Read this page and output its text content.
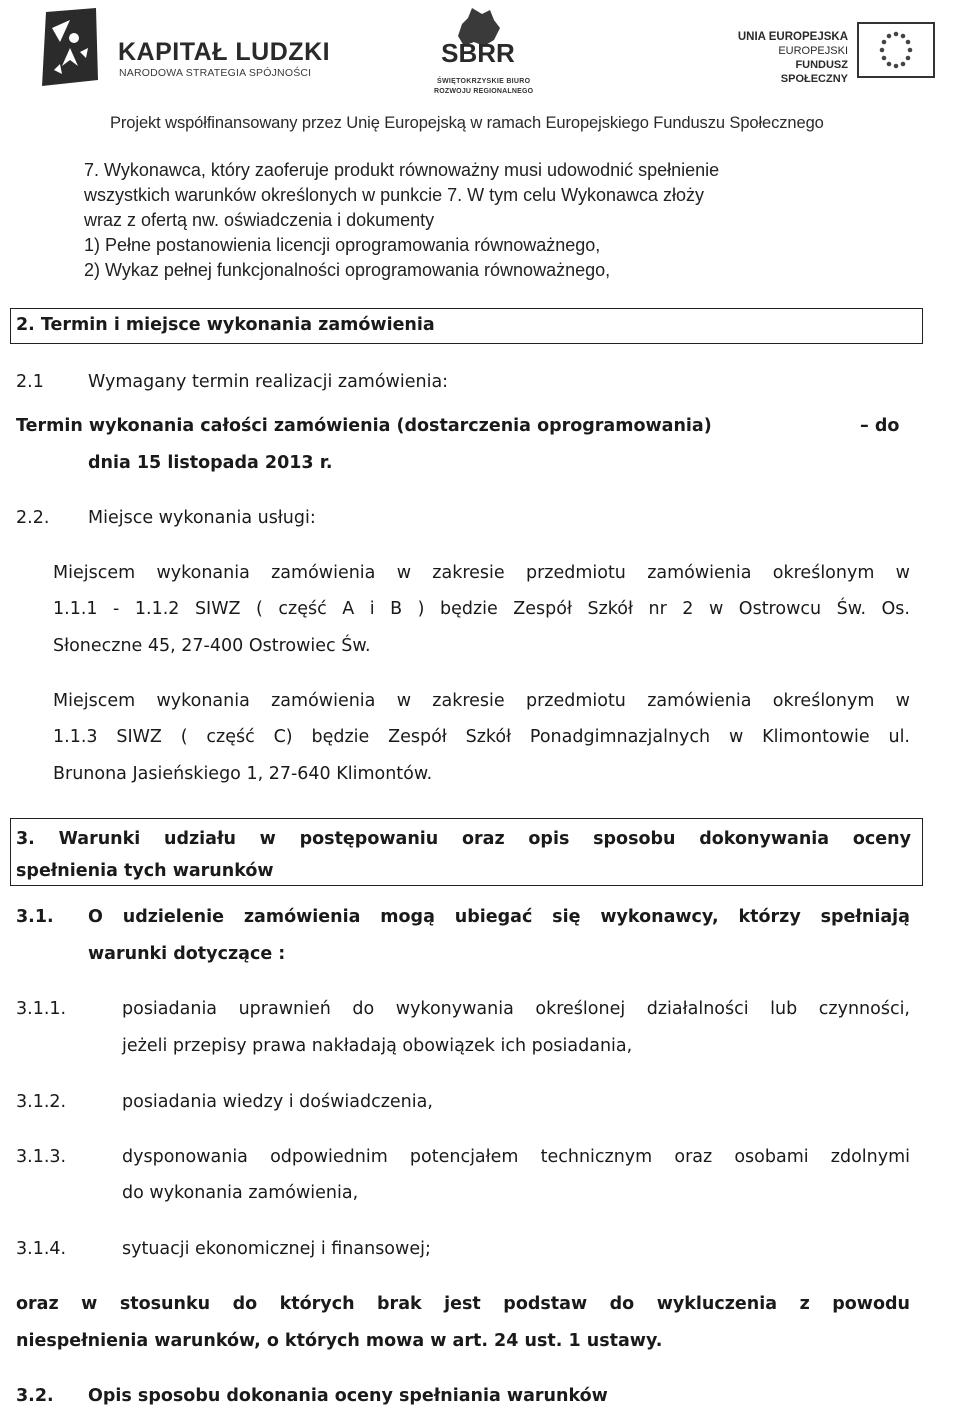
KAPITAŁ LUDZKI
NARODOWA STRATEGIA SPÓJNOŚCI
SBRR
ŚWIĘTOKRZYSKIE BIURO
ROZWOJU REGIONALNEGO
UNIA EUROPEJSKA
EUROPEJSKI
FUNDUSZ SPOŁECZNY
Projekt współfinansowany przez Unię Europejską w ramach Europejskiego Funduszu Społecznego
7. Wykonawca, który zaoferuje produkt równoważny musi udowodnić spełnienie
wszystkich warunków określonych w punkcie 7. W tym celu Wykonawca złoży
wraz z ofertą nw. oświadczenia i dokumenty
1) Pełne postanowienia licencji oprogramowania równoważnego,
2) Wykaz pełnej funkcjonalności oprogramowania równoważnego,
2. Termin i miejsce wykonania zamówienia
2.1	Wymagany termin realizacji zamówienia:
Termin wykonania całości zamówienia (dostarczenia oprogramowania)	– do
dnia 15 listopada 2013 r.
2.2. Miejsce wykonania usługi:
Miejscem wykonania zamówienia w zakresie przedmiotu zamówienia określonym w
1.1.1 - 1.1.2 SIWZ ( część A i B ) będzie Zespół Szkół nr 2 w Ostrowcu Św. Os.
Słoneczne 45, 27-400 Ostrowiec Św.
Miejscem wykonania zamówienia w zakresie przedmiotu zamówienia określonym w
1.1.3 SIWZ ( część C) będzie Zespół Szkół Ponadgimnazjalnych w Klimontowie ul.
Brunona Jasieńskiego 1, 27-640 Klimontów.
3. Warunki udziału w postępowaniu oraz opis sposobu dokonywania oceny
spełnienia tych warunków
3.1. O udzielenie zamówienia mogą ubiegać się wykonawcy, którzy spełniają
warunki dotyczące :
3.1.1.	posiadania uprawnień do wykonywania określonej działalności lub czynności,
jeżeli przepisy prawa nakładają obowiązek ich posiadania,
3.1.2.	posiadania wiedzy i doświadczenia,
3.1.3.	dysponowania odpowiednim potencjałem technicznym oraz osobami zdolnymi
do wykonania zamówienia,
3.1.4.	sytuacji ekonomicznej i finansowej;
oraz w stosunku do których brak jest podstaw do wykluczenia z powodu
niespełnienia warunków, o których mowa w art. 24 ust. 1 ustawy.
3.2. Opis sposobu dokonania oceny spełniania warunków
